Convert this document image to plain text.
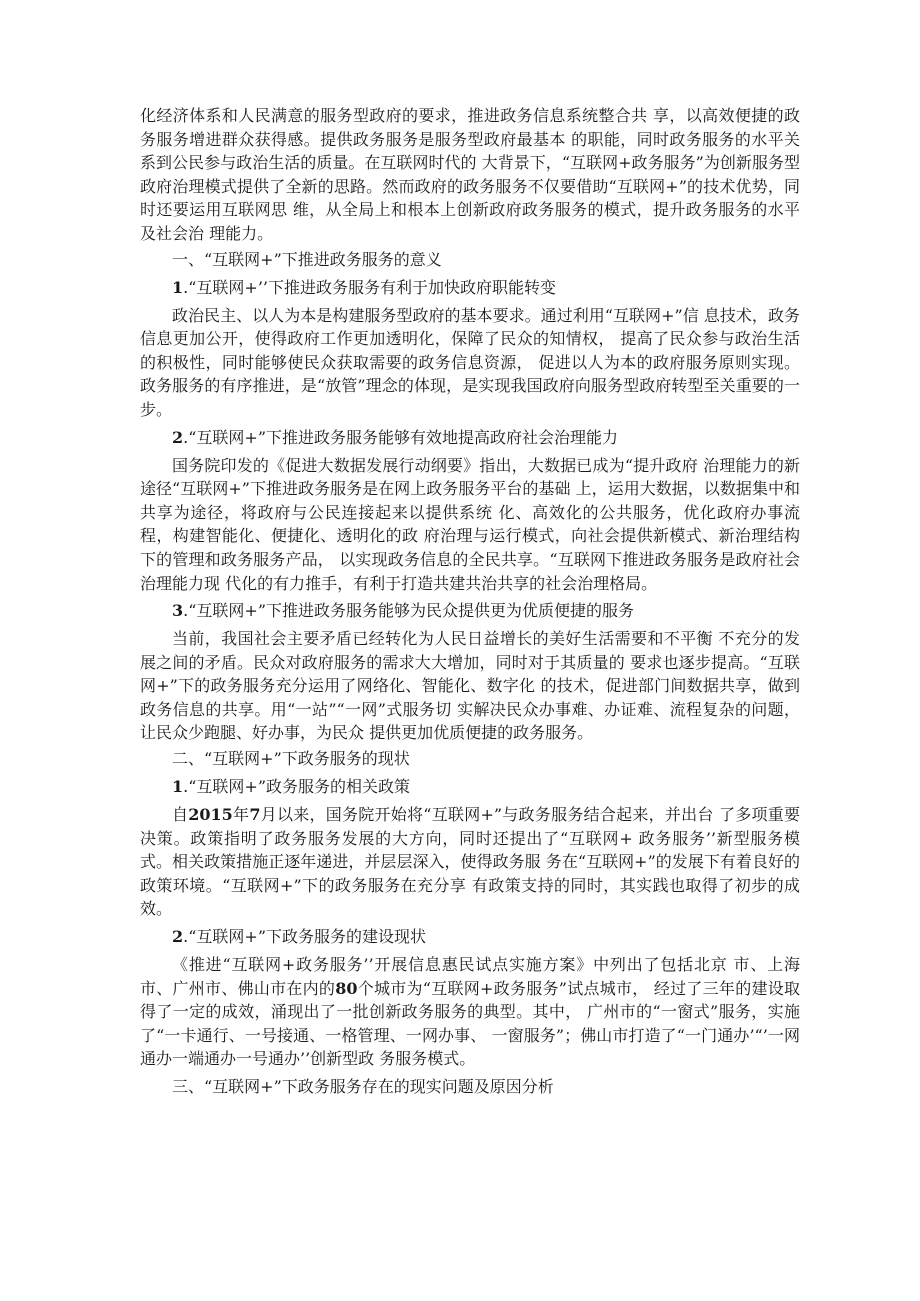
化经济体系和人民满意的服务型政府的要求，推进政务信息系统整合共 享，以高效便捷的政务服务增进群众获得感。提供政务服务是服务型政府最基本 的职能，同时政务服务的水平关系到公民参与政治生活的质量。在互联网时代的 大背景下，“互联网+政务服务”为创新服务型政府治理模式提供了全新的思路。然而政府的政务服务不仅要借助“互联网+”的技术优势，同时还要运用互联网思 维，从全局上和根本上创新政府政务服务的模式，提升政务服务的水平及社会治 理能力。

一、“互联网+”下推进政务服务的意义

1.“互联网+’’下推进政务服务有利于加快政府职能转变

政治民主、以人为本是构建服务型政府的基本要求。通过利用“互联网+”信 息技术，政务信息更加公开，使得政府工作更加透明化，保障了民众的知情权， 提高了民众参与政治生活的积极性，同时能够使民众获取需要的政务信息资源， 促进以人为本的政府服务原则实现。政务服务的有序推进，是“放管”理念的体现，是实现我国政府向服务型政府转型至关重要的一步。

2.“互联网+”下推进政务服务能够有效地提高政府社会治理能力

国务院印发的《促进大数据发展行动纲要》指出，大数据已成为“提升政府 治理能力的新途径“互联网+”下推进政务服务是在网上政务服务平台的基础 上，运用大数据，以数据集中和共享为途径，将政府与公民连接起来以提供系统 化、高效化的公共服务，优化政府办事流程，构建智能化、便捷化、透明化的政 府治理与运行模式，向社会提供新模式、新治理结构下的管理和政务服务产品， 以实现政务信息的全民共享。“互联网下推进政务服务是政府社会治理能力现 代化的有力推手，有利于打造共建共治共享的社会治理格局。

3.“互联网+”下推进政务服务能够为民众提供更为优质便捷的服务

当前，我国社会主要矛盾已经转化为人民日益增长的美好生活需要和不平衡 不充分的发展之间的矛盾。民众对政府服务的需求大大增加，同时对于其质量的 要求也逐步提高。“互联网+”下的政务服务充分运用了网络化、智能化、数字化 的技术，促进部门间数据共享，做到政务信息的共享。用“一站”“一网”式服务切 实解决民众办事难、办证难、流程复杂的问题，让民众少跑腿、好办事，为民众 提供更加优质便捷的政务服务。

二、“互联网+”下政务服务的现状

1.“互联网+”政务服务的相关政策

自2015年7月以来，国务院开始将“互联网+”与政务服务结合起来，并出台 了多项重要决策。政策指明了政务服务发展的大方向，同时还提出了“互联网+ 政务服务’’新型服务模式。相关政策措施正逐年递进，并层层深入，使得政务服 务在“互联网+”的发展下有着良好的政策环境。“互联网+”下的政务服务在充分享 有政策支持的同时，其实践也取得了初步的成效。

2.“互联网+”下政务服务的建设现状

《推进“互联网+政务服务’’开展信息惠民试点实施方案》中列出了包括北京 市、上海市、广州市、佛山市在内的80个城市为“互联网+政务服务”试点城市， 经过了三年的建设取得了一定的成效，涌现出了一批创新政务服务的典型。其中， 广州市的“一窗式”服务，实施了“一卡通行、一号接通、一格管理、一网办事、 一窗服务”；佛山市打造了“一门通办’“’一网通办一端通办一号通办’’创新型政 务服务模式。

三、“互联网+”下政务服务存在的现实问题及原因分析
